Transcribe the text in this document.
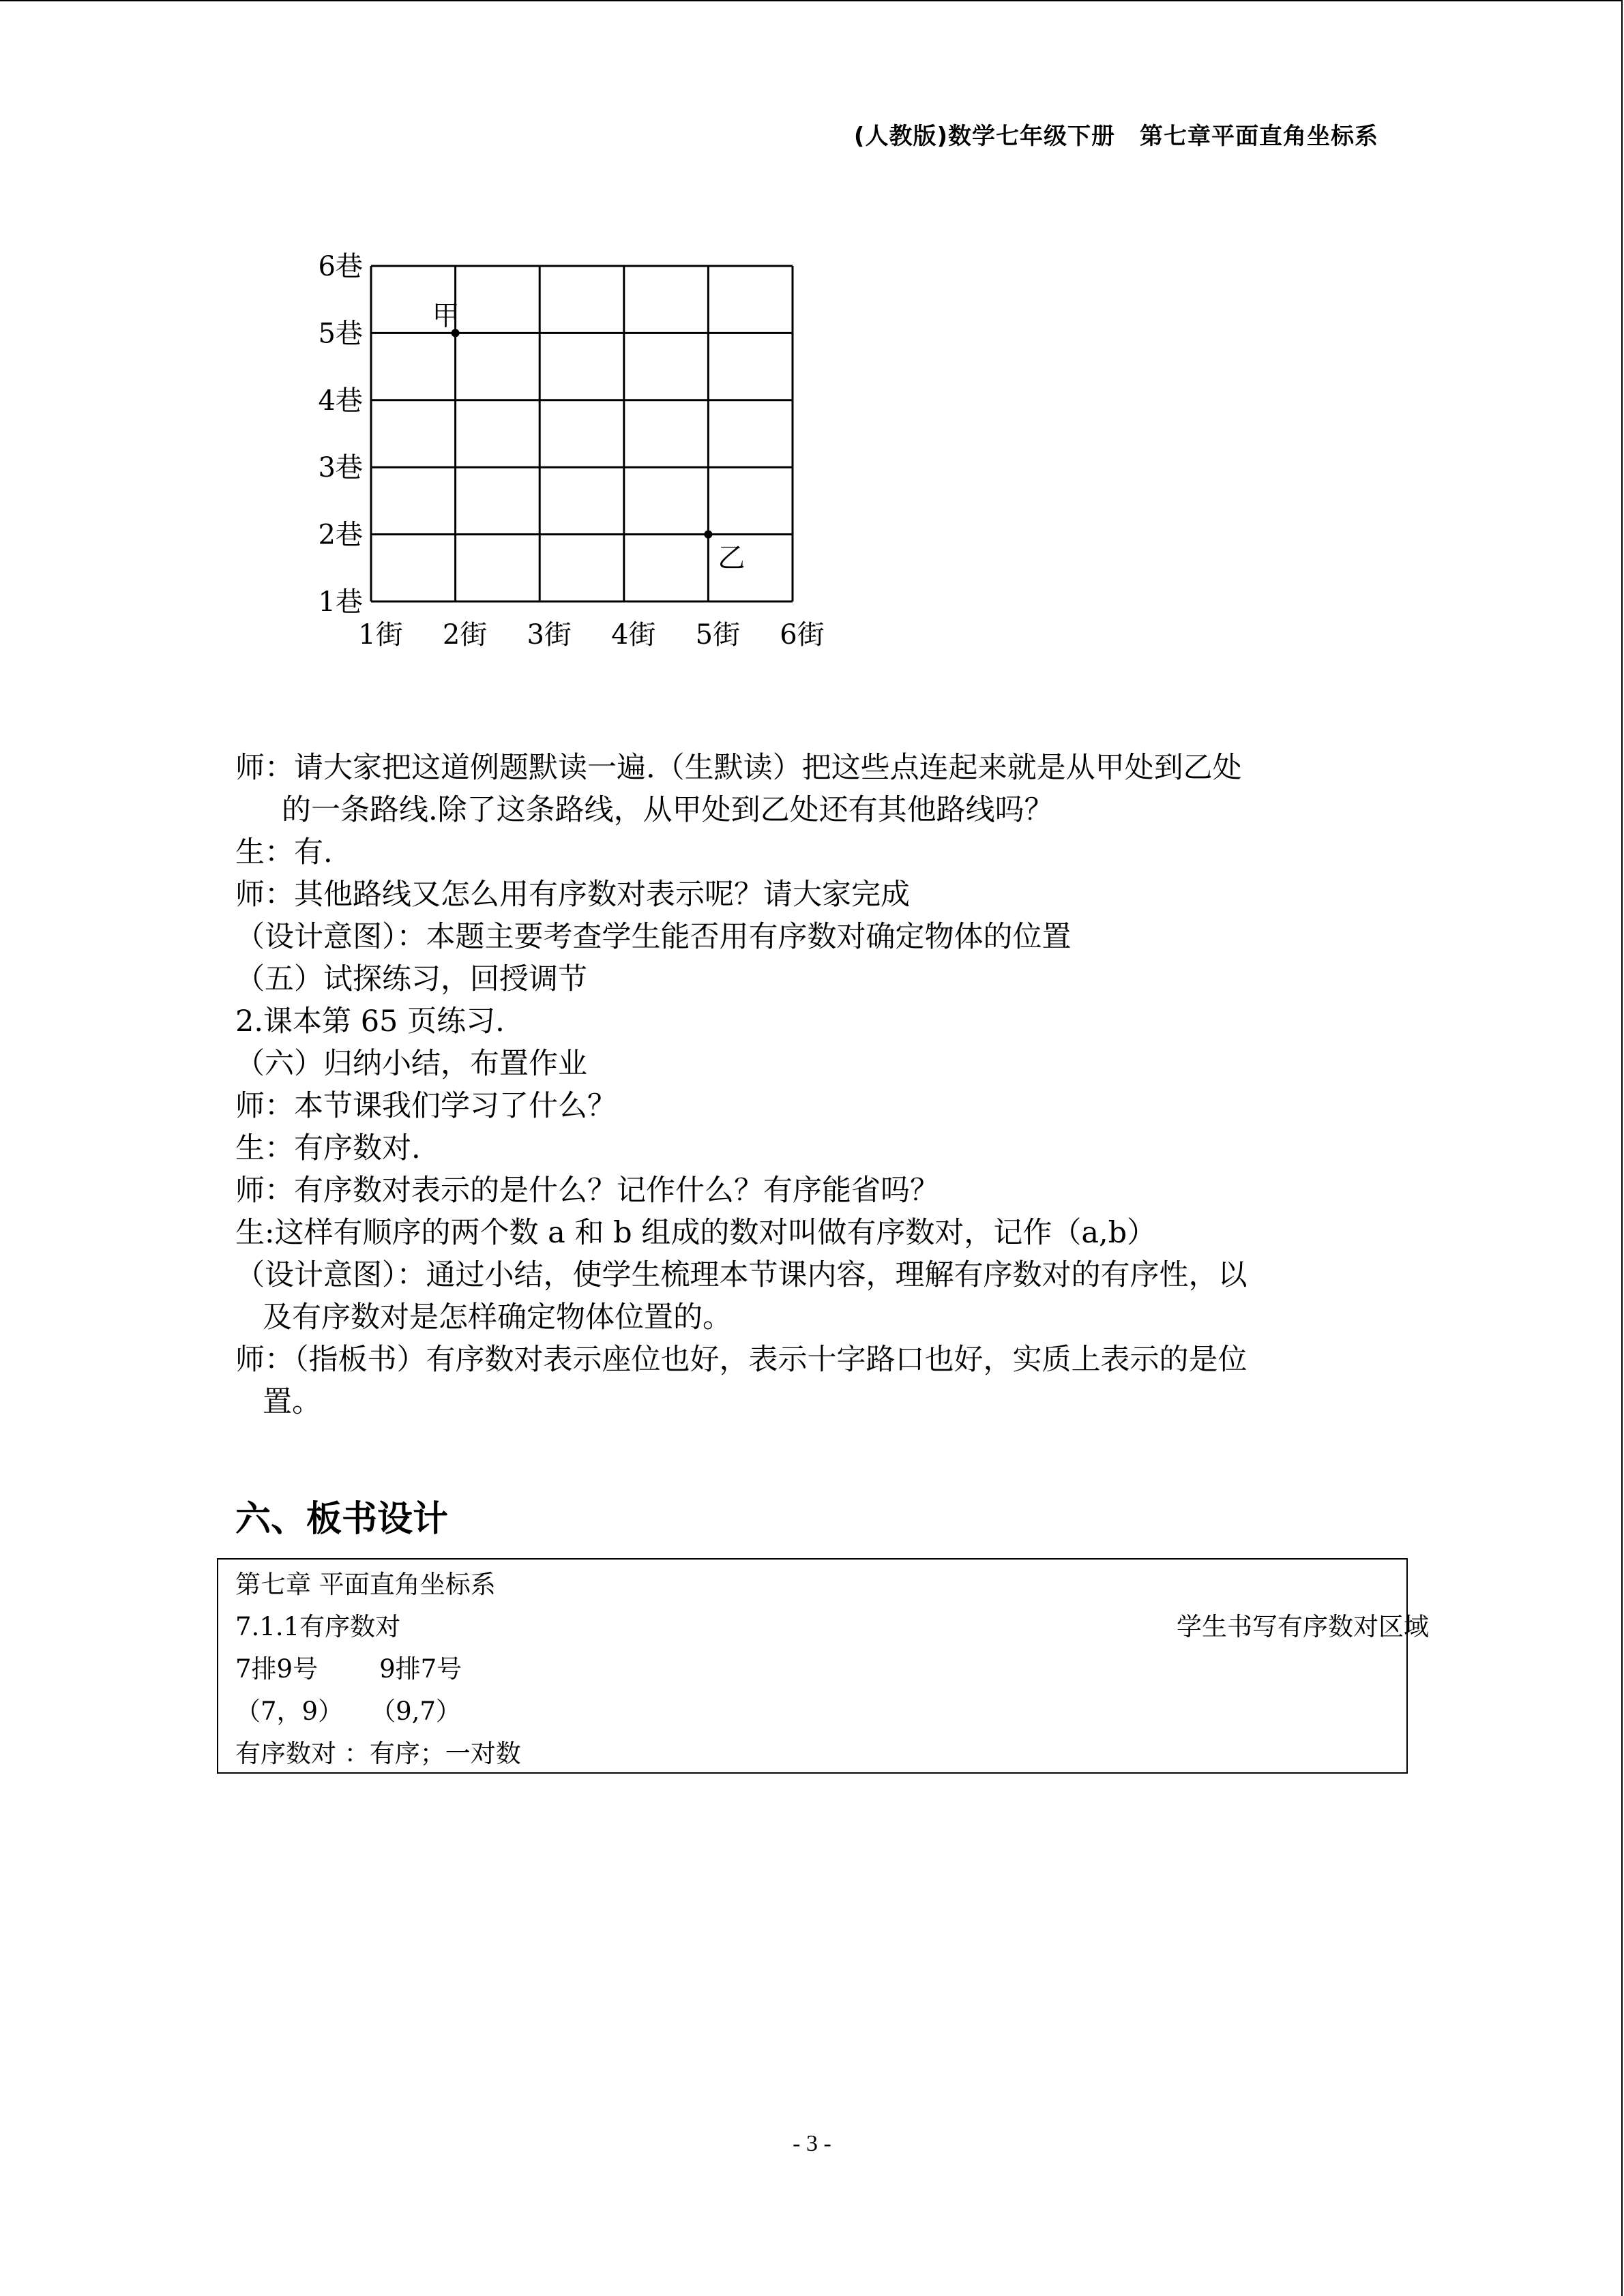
(人教版)数学七年级下册 第七章平面直角坐标系
1巷
2巷
3巷
4巷
5巷
6巷
1街 2街 3街 4街 5街 6街
甲
乙

师：请大家把这道例题默读一遍.（生默读）把这些点连起来就是从甲处到乙处

的一条路线.除了这条路线，从甲处到乙处还有其他路线吗？

生：有.

师：其他路线又怎么用有序数对表示呢？请大家完成

（设计意图）：本题主要考查学生能否用有序数对确定物体的位置

（五）试探练习，回授调节

2.课本第 65 页练习.

（六）归纳小结，布置作业

师：本节课我们学习了什么？

生：有序数对.

师：有序数对表示的是什么？记作什么？有序能省吗？

生:这样有顺序的两个数 a 和 b 组成的数对叫做有序数对，记作（a,b）

（设计意图）：通过小结，使学生梳理本节课内容，理解有序数对的有序性，以

及有序数对是怎样确定物体位置的。

师：（指板书）有序数对表示座位也好，表示十字路口也好，实质上表示的是位

置。

六、板书设计
第七章 平面直角坐标系
7.1.1有序数对	学生书写有序数对区域
7排9号 9排7号
（7，9） （9,7）
有序数对 ：有序；一对数
- 3 -
